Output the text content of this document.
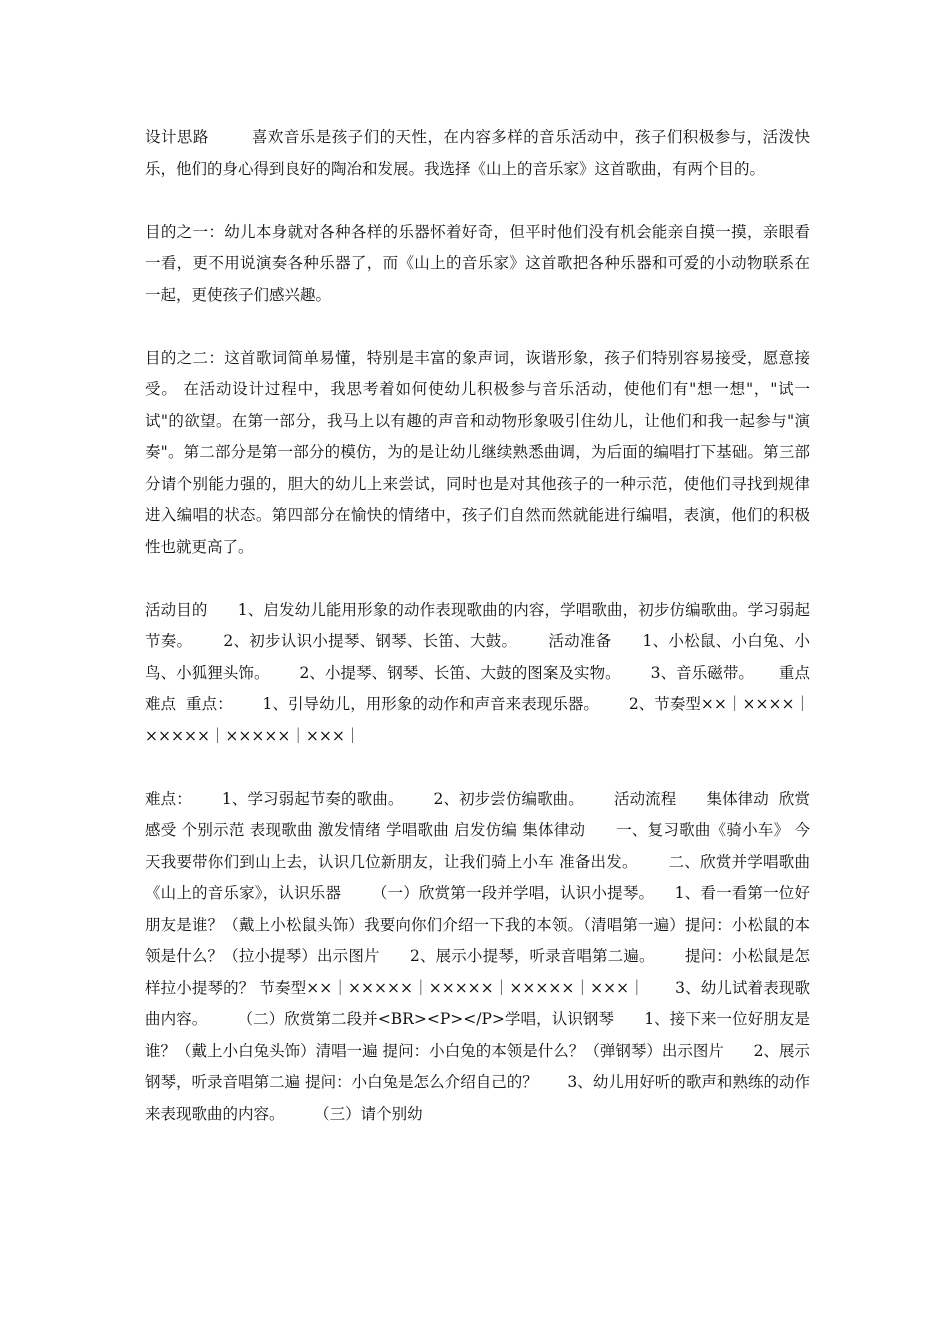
设计思路        喜欢音乐是孩子们的天性，在内容多样的音乐活动中，孩子们积极参与，活泼快乐，他们的身心得到良好的陶冶和发展。我选择《山上的音乐家》这首歌曲，有两个目的。

目的之一：幼儿本身就对各种各样的乐器怀着好奇，但平时他们没有机会能亲自摸一摸，亲眼看一看，更不用说演奏各种乐器了，而《山上的音乐家》这首歌把各种乐器和可爱的小动物联系在一起，更使孩子们感兴趣。

目的之二：这首歌词简单易懂，特别是丰富的象声词，诙谐形象，孩子们特别容易接受，愿意接受。 在活动设计过程中，我思考着如何使幼儿积极参与音乐活动，使他们有"想一想"，"试一试"的欲望。在第一部分，我马上以有趣的声音和动物形象吸引住幼儿，让他们和我一起参与"演奏"。第二部分是第一部分的模仿，为的是让幼儿继续熟悉曲调，为后面的编唱打下基础。第三部分请个别能力强的，胆大的幼儿上来尝试，同时也是对其他孩子的一种示范，使他们寻找到规律进入编唱的状态。第四部分在愉快的情绪中，孩子们自然而然就能进行编唱，表演，他们的积极性也就更高了。

活动目的      1、启发幼儿能用形象的动作表现歌曲的内容，学唱歌曲，初步仿编歌曲。学习弱起节奏。      2、初步认识小提琴、钢琴、长笛、大鼓。      活动准备      1、小松鼠、小白兔、小鸟、小狐狸头饰。      2、小提琴、钢琴、长笛、大鼓的图案及实物。      3、音乐磁带。     重点难点  重点：      1、引导幼儿，用形象的动作和声音来表现乐器。      2、节奏型××｜××××｜×××××｜×××××｜×××｜

难点：      1、学习弱起节奏的歌曲。      2、初步尝仿编歌曲。      活动流程      集体律动  欣赏感受 个别示范 表现歌曲 激发情绪 学唱歌曲 启发仿编 集体律动      一、复习歌曲《骑小车》 今天我要带你们到山上去，认识几位新朋友，让我们骑上小车 准备出发。      二、欣赏并学唱歌曲《山上的音乐家》，认识乐器      （一）欣赏第一段并学唱，认识小提琴。    1、看一看第一位好朋友是谁？（戴上小松鼠头饰）我要向你们介绍一下我的本领。（清唱第一遍）提问：小松鼠的本领是什么？（拉小提琴）出示图片      2、展示小提琴，听录音唱第二遍。      提问：小松鼠是怎样拉小提琴的？ 节奏型××｜×××××｜×××××｜×××××｜×××｜      3、幼儿试着表现歌曲内容。      （二）欣赏第二段并<BR><P></P>学唱，认识钢琴      1、接下来一位好朋友是谁？（戴上小白兔头饰）清唱一遍 提问：小白兔的本领是什么？（弹钢琴）出示图片      2、展示钢琴，听录音唱第二遍 提问：小白兔是怎么介绍自己的？      3、幼儿用好听的歌声和熟练的动作来表现歌曲的内容。      （三）请个别幼
